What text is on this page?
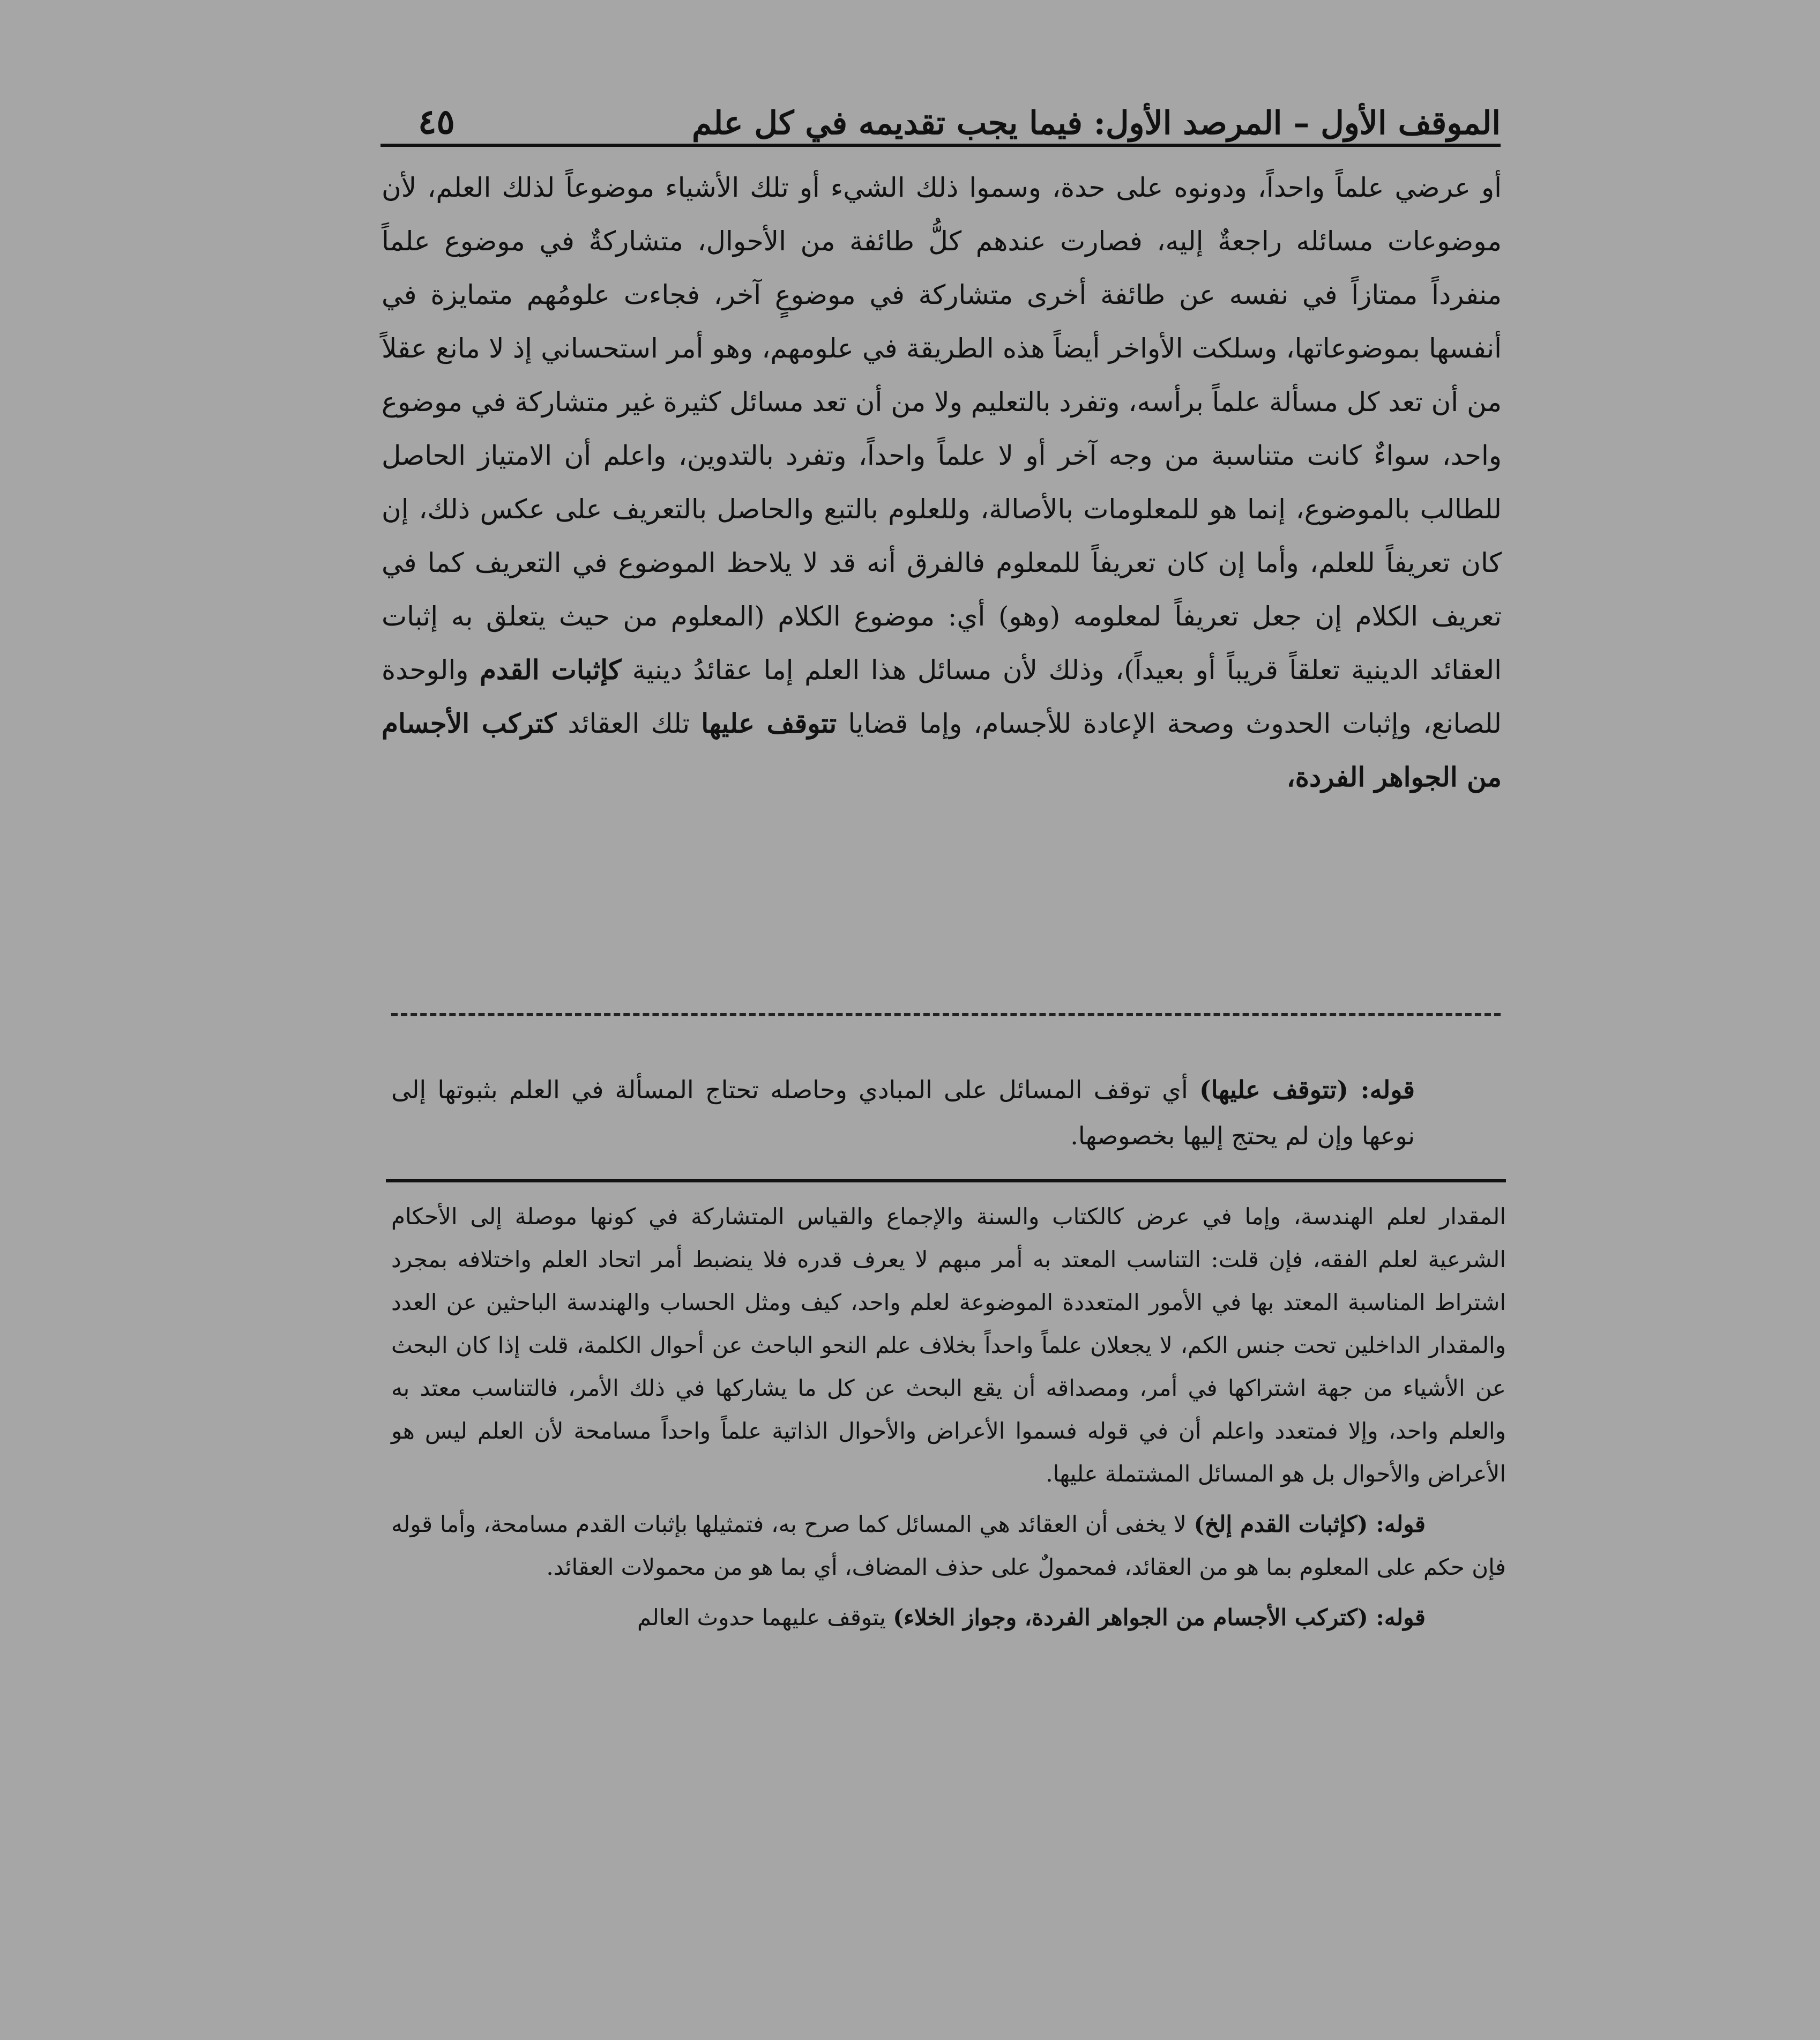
الموقف الأول – المرصد الأول: فيما يجب تقديمه في كل علم
٤٥

أو عرضي علماً واحداً، ودونوه على حدة، وسموا ذلك الشيء أو تلك الأشياء موضوعاً لذلك العلم، لأن موضوعات مسائله راجعةٌ إليه، فصارت عندهم كلُّ طائفة من الأحوال، متشاركةٌ في موضوع علماً منفرداً ممتازاً في نفسه عن طائفة أخرى متشاركة في موضوعٍ آخر، فجاءت علومُهم متمايزة في أنفسها بموضوعاتها، وسلكت الأواخر أيضاً هذه الطريقة في علومهم، وهو أمر استحساني إذ لا مانع عقلاً من أن تعد كل مسألة علماً برأسه، وتفرد بالتعليم ولا من أن تعد مسائل كثيرة غير متشاركة في موضوع واحد، سواءٌ كانت متناسبة من وجه آخر أو لا علماً واحداً، وتفرد بالتدوين، واعلم أن الامتياز الحاصل للطالب بالموضوع، إنما هو للمعلومات بالأصالة، وللعلوم بالتبع والحاصل بالتعريف على عكس ذلك، إن كان تعريفاً للعلم، وأما إن كان تعريفاً للمعلوم فالفرق أنه قد لا يلاحظ الموضوع في التعريف كما في تعريف الكلام إن جعل تعريفاً لمعلومه (وهو) أي: موضوع الكلام (المعلوم من حيث يتعلق به إثبات العقائد الدينية تعلقاً قريباً أو بعيداً)، وذلك لأن مسائل هذا العلم إما عقائدُ دينية كإثبات القدم والوحدة للصانع، وإثبات الحدوث وصحة الإعادة للأجسام، وإما قضايا تتوقف عليها تلك العقائد كتركب الأجسام من الجواهر الفردة،

قوله: (تتوقف عليها) أي توقف المسائل على المبادي وحاصله تحتاج المسألة في العلم بثبوتها إلى نوعها وإن لم يحتج إليها بخصوصها.

المقدار لعلم الهندسة، وإما في عرض كالكتاب والسنة والإجماع والقياس المتشاركة في كونها موصلة إلى الأحكام الشرعية لعلم الفقه، فإن قلت: التناسب المعتد به أمر مبهم لا يعرف قدره فلا ينضبط أمر اتحاد العلم واختلافه بمجرد اشتراط المناسبة المعتد بها في الأمور المتعددة الموضوعة لعلم واحد، كيف ومثل الحساب والهندسة الباحثين عن العدد والمقدار الداخلين تحت جنس الكم، لا يجعلان علماً واحداً بخلاف علم النحو الباحث عن أحوال الكلمة، قلت إذا كان البحث عن الأشياء من جهة اشتراكها في أمر، ومصداقه أن يقع البحث عن كل ما يشاركها في ذلك الأمر، فالتناسب معتد به والعلم واحد، وإلا فمتعدد واعلم أن في قوله فسموا الأعراض والأحوال الذاتية علماً واحداً مسامحة لأن العلم ليس هو الأعراض والأحوال بل هو المسائل المشتملة عليها.

قوله: (كإثبات القدم إلخ) لا يخفى أن العقائد هي المسائل كما صرح به، فتمثيلها بإثبات القدم مسامحة، وأما قوله فإن حكم على المعلوم بما هو من العقائد، فمحمولٌ على حذف المضاف، أي بما هو من محمولات العقائد.

قوله: (كتركب الأجسام من الجواهر الفردة، وجواز الخلاء) يتوقف عليهما حدوث العالم
